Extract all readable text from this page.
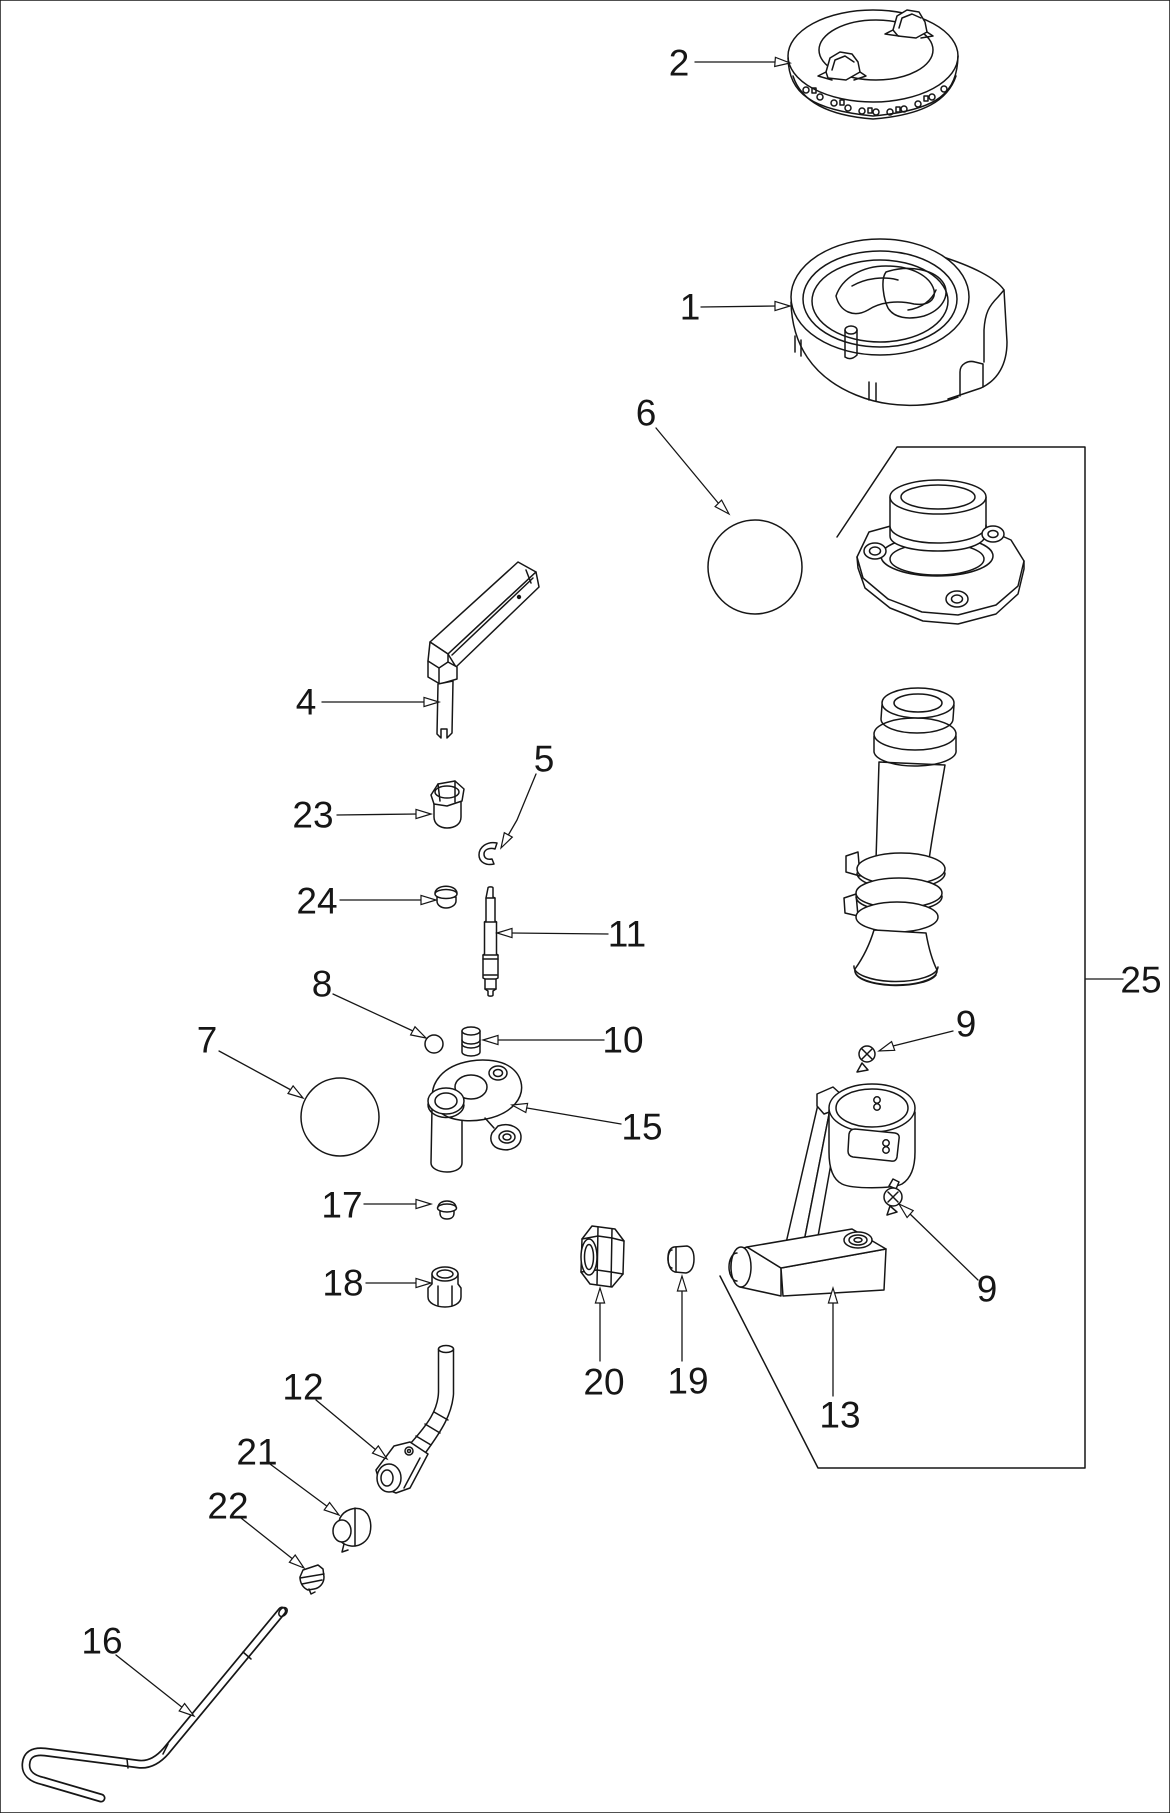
2
1
6
4
23
5
24
11
8
10
7
15
9
9
17
18
20 19
13
12
21
22
16
25
